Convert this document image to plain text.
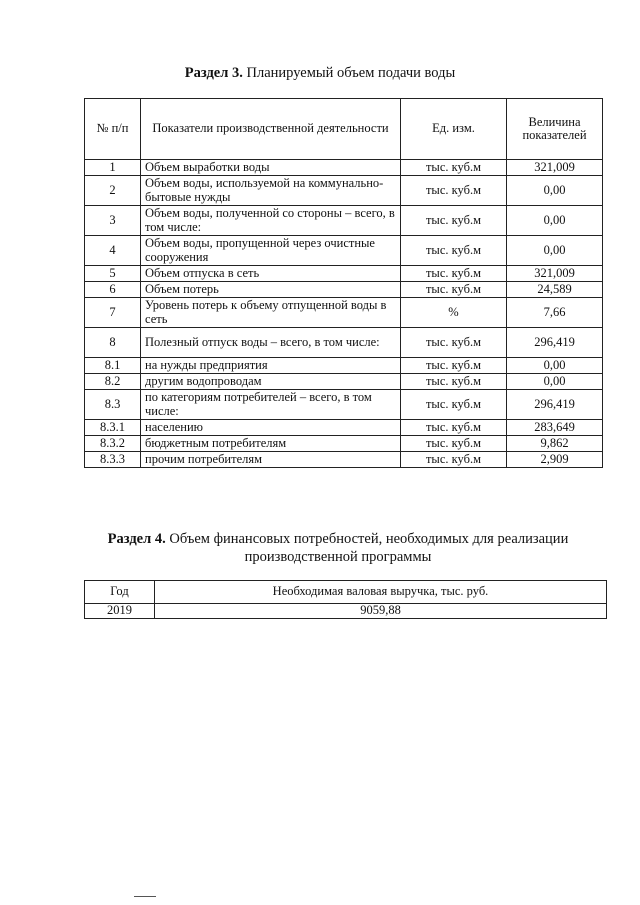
Раздел 3. Планируемый объем подачи воды
№ п/п	Показатели производственной деятельности	Ед. изм.	Величина показателей
1	Объем выработки воды	тыс. куб.м	321,009
2	Объем воды, используемой на коммунально-бытовые нужды	тыс. куб.м	0,00
3	Объем воды, полученной со стороны – всего, в том числе:	тыс. куб.м	0,00
4	Объем воды, пропущенной через очистные сооружения	тыс. куб.м	0,00
5	Объем отпуска в сеть	тыс. куб.м	321,009
6	Объем потерь	тыс. куб.м	24,589
7	Уровень потерь к объему отпущенной воды в сеть	%	7,66
8	Полезный отпуск воды – всего, в том числе:	тыс. куб.м	296,419
8.1	на нужды предприятия	тыс. куб.м	0,00
8.2	другим водопроводам	тыс. куб.м	0,00
8.3	по категориям потребителей – всего, в том числе:	тыс. куб.м	296,419
8.3.1	населению	тыс. куб.м	283,649
8.3.2	бюджетным потребителям	тыс. куб.м	9,862
8.3.3	прочим потребителям	тыс. куб.м	2,909
Раздел 4. Объем финансовых потребностей, необходимых для реализации производственной программы
Год	Необходимая валовая выручка, тыс. руб.
2019	9059,88
